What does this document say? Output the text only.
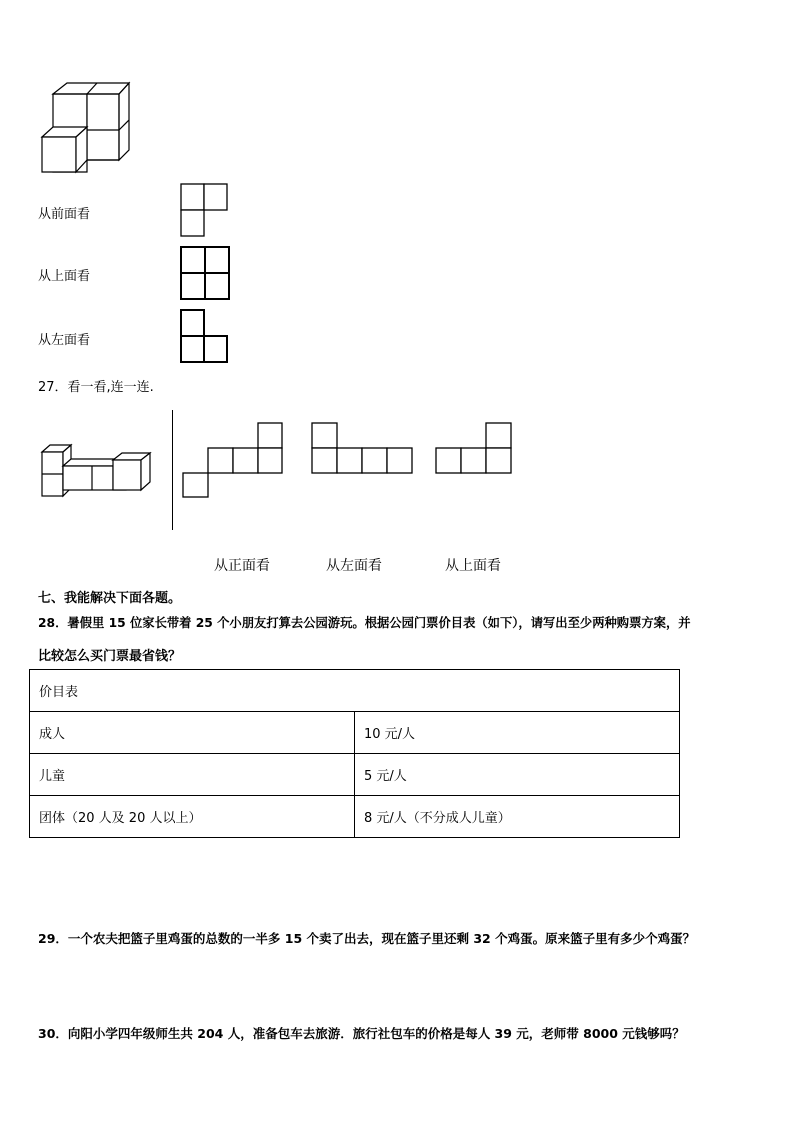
从前面看
从上面看
从左面看
27．看一看,连一连.
从正面看	从左面看	从上面看
七、我能解决下面各题。
28．暑假里 15 位家长带着 25 个小朋友打算去公园游玩。根据公园门票价目表（如下），请写出至少两种购票方案，并
比较怎么买门票最省钱？
价目表	
成人	10 元/人
儿童	5 元/人
团体（20 人及 20 人以上）	8 元/人（不分成人儿童）
29．一个农夫把篮子里鸡蛋的总数的一半多 15 个卖了出去，现在篮子里还剩 32 个鸡蛋。原来篮子里有多少个鸡蛋？
30．向阳小学四年级师生共 204 人，准备包车去旅游．旅行社包车的价格是每人 39 元，老师带 8000 元钱够吗？
